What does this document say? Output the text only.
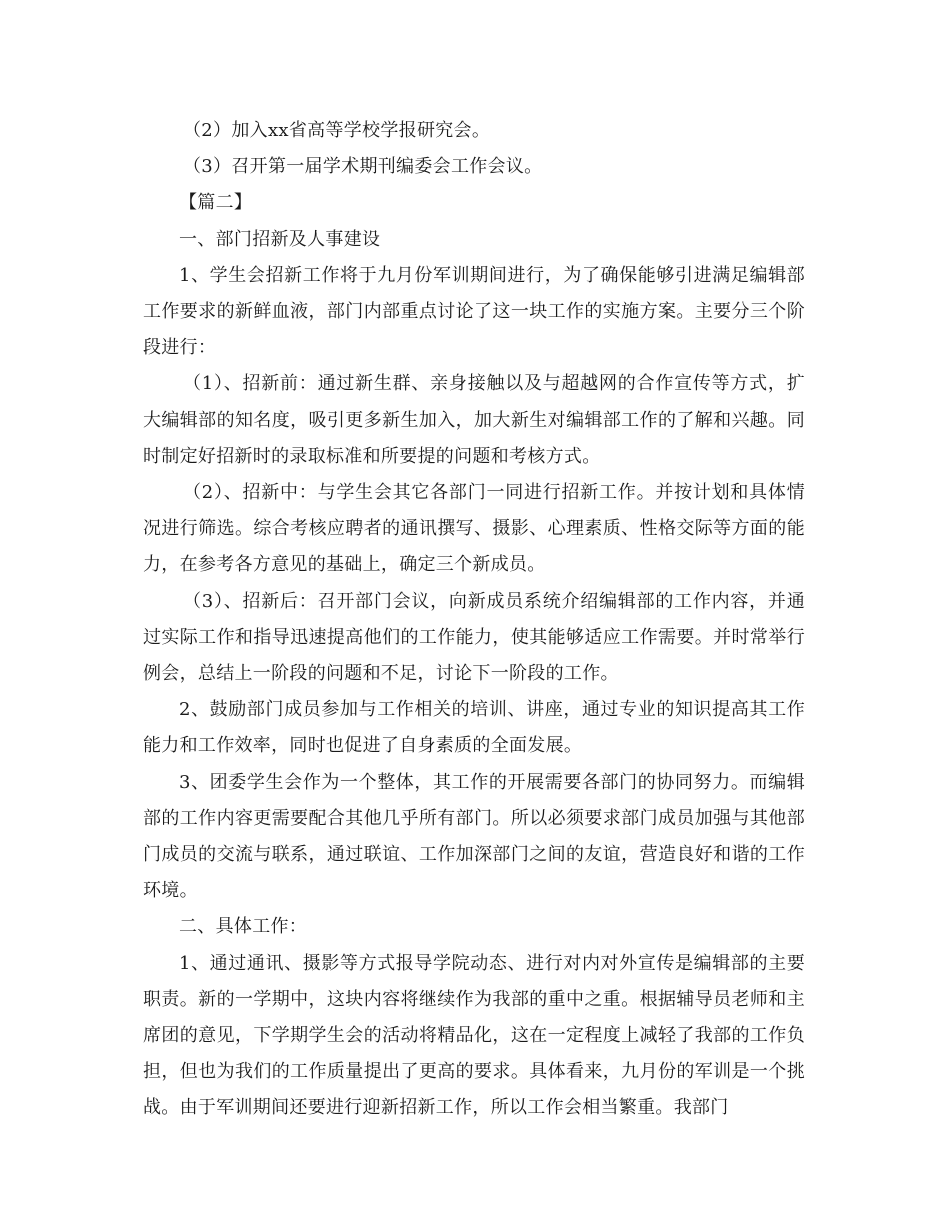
（2）加入xx省高等学校学报研究会。

（3）召开第一届学术期刊编委会工作会议。

【篇二】

一、部门招新及人事建设

1、学生会招新工作将于九月份军训期间进行，为了确保能够引进满足编辑部工作要求的新鲜血液，部门内部重点讨论了这一块工作的实施方案。主要分三个阶段进行：

（1）、招新前：通过新生群、亲身接触以及与超越网的合作宣传等方式，扩大编辑部的知名度，吸引更多新生加入，加大新生对编辑部工作的了解和兴趣。同时制定好招新时的录取标准和所要提的问题和考核方式。

（2）、招新中：与学生会其它各部门一同进行招新工作。并按计划和具体情况进行筛选。综合考核应聘者的通讯撰写、摄影、心理素质、性格交际等方面的能力，在参考各方意见的基础上，确定三个新成员。

（3）、招新后：召开部门会议，向新成员系统介绍编辑部的工作内容，并通过实际工作和指导迅速提高他们的工作能力，使其能够适应工作需要。并时常举行例会，总结上一阶段的问题和不足，讨论下一阶段的工作。

2、鼓励部门成员参加与工作相关的培训、讲座，通过专业的知识提高其工作能力和工作效率，同时也促进了自身素质的全面发展。

3、团委学生会作为一个整体，其工作的开展需要各部门的协同努力。而编辑部的工作内容更需要配合其他几乎所有部门。所以必须要求部门成员加强与其他部门成员的交流与联系，通过联谊、工作加深部门之间的友谊，营造良好和谐的工作环境。

二、具体工作：

1、通过通讯、摄影等方式报导学院动态、进行对内对外宣传是编辑部的主要职责。新的一学期中，这块内容将继续作为我部的重中之重。根据辅导员老师和主席团的意见，下学期学生会的活动将精品化，这在一定程度上减轻了我部的工作负担，但也为我们的工作质量提出了更高的要求。具体看来，九月份的军训是一个挑战。由于军训期间还要进行迎新招新工作，所以工作会相当繁重。我部门
